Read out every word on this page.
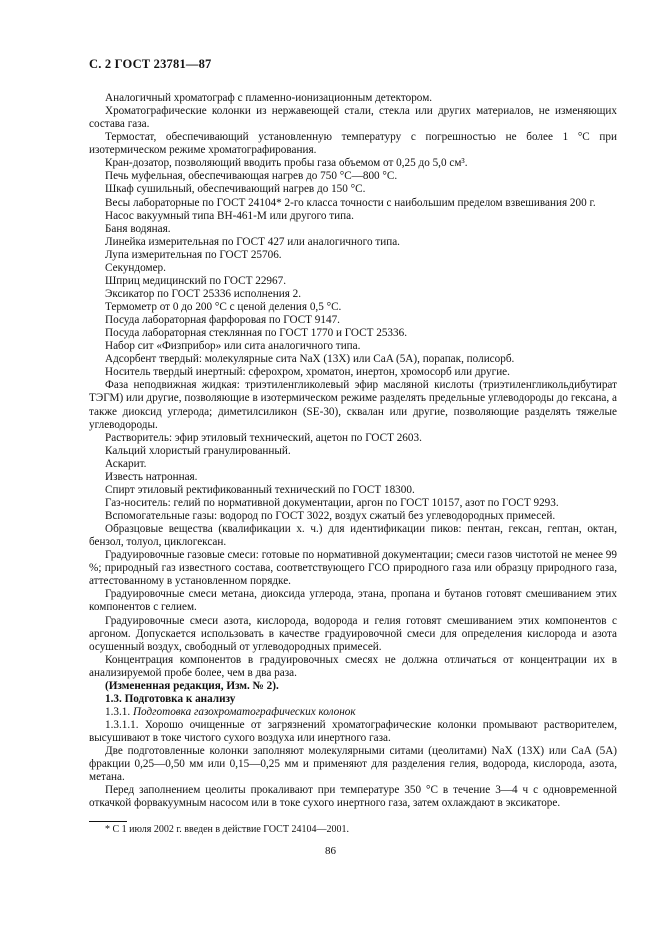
С. 2 ГОСТ 23781—87

Аналогичный хроматограф с пламенно-ионизационным детектором.

Хроматографические колонки из нержавеющей стали, стекла или других материалов, не изменяющих состава газа.

Термостат, обеспечивающий установленную температуру с погрешностью не более 1 °С при изотермическом режиме хроматографирования.

Кран-дозатор, позволяющий вводить пробы газа объемом от 0,25 до 5,0 см³.

Печь муфельная, обеспечивающая нагрев до 750 °С—800 °С.

Шкаф сушильный, обеспечивающий нагрев до 150 °С.

Весы лабораторные по ГОСТ 24104* 2-го класса точности с наибольшим пределом взвешивания 200 г.

Насос вакуумный типа ВН-461-М или другого типа.

Баня водяная.

Линейка измерительная по ГОСТ 427 или аналогичного типа.

Лупа измерительная по ГОСТ 25706.

Секундомер.

Шприц медицинский по ГОСТ 22967.

Эксикатор по ГОСТ 25336 исполнения 2.

Термометр от 0 до 200 °С с ценой деления 0,5 °С.

Посуда лабораторная фарфоровая по ГОСТ 9147.

Посуда лабораторная стеклянная по ГОСТ 1770 и ГОСТ 25336.

Набор сит «Физприбор» или сита аналогичного типа.

Адсорбент твердый: молекулярные сита NaX (13X) или CaA (5A), порапак, полисорб.

Носитель твердый инертный: сферохром, хроматон, инертон, хромосорб или другие.

Фаза неподвижная жидкая: триэтиленгликолевый эфир масляной кислоты (триэтиленгликольдибутират ТЭГМ) или другие, позволяющие в изотермическом режиме разделять предельные углеводороды до гексана, а также диоксид углерода; диметилсиликон (SE-30), сквалан или другие, позволяющие разделять тяжелые углеводороды.

Растворитель: эфир этиловый технический, ацетон по ГОСТ 2603.

Кальций хлористый гранулированный.

Аскарит.

Известь натронная.

Спирт этиловый ректификованный технический по ГОСТ 18300.

Газ-носитель: гелий по нормативной документации, аргон по ГОСТ 10157, азот по ГОСТ 9293.

Вспомогательные газы: водород по ГОСТ 3022, воздух сжатый без углеводородных примесей.

Образцовые вещества (квалификации х. ч.) для идентификации пиков: пентан, гексан, гептан, октан, бензол, толуол, циклогексан.

Градуировочные газовые смеси: готовые по нормативной документации; смеси газов чистотой не менее 99 %; природный газ известного состава, соответствующего ГСО природного газа или образцу природного газа, аттестованному в установленном порядке.

Градуировочные смеси метана, диоксида углерода, этана, пропана и бутанов готовят смешиванием этих компонентов с гелием.

Градуировочные смеси азота, кислорода, водорода и гелия готовят смешиванием этих компонентов с аргоном. Допускается использовать в качестве градуировочной смеси для определения кислорода и азота осушенный воздух, свободный от углеводородных примесей.

Концентрация компонентов в градуировочных смесях не должна отличаться от концентрации их в анализируемой пробе более, чем в два раза.

(Измененная редакция, Изм. № 2).

1.3. Подготовка к анализу

1.3.1. Подготовка газохроматографических колонок

1.3.1.1. Хорошо очищенные от загрязнений хроматографические колонки промывают растворителем, высушивают в токе чистого сухого воздуха или инертного газа.

Две подготовленные колонки заполняют молекулярными ситами (цеолитами) NaX (13X) или CaA (5A) фракции 0,25—0,50 мм или 0,15—0,25 мм и применяют для разделения гелия, водорода, кислорода, азота, метана.

Перед заполнением цеолиты прокаливают при температуре 350 °С в течение 3—4 ч с одновременной откачкой форвакуумным насосом или в токе сухого инертного газа, затем охлаждают в эксикаторе.

* С 1 июля 2002 г. введен в действие ГОСТ 24104—2001.
86
